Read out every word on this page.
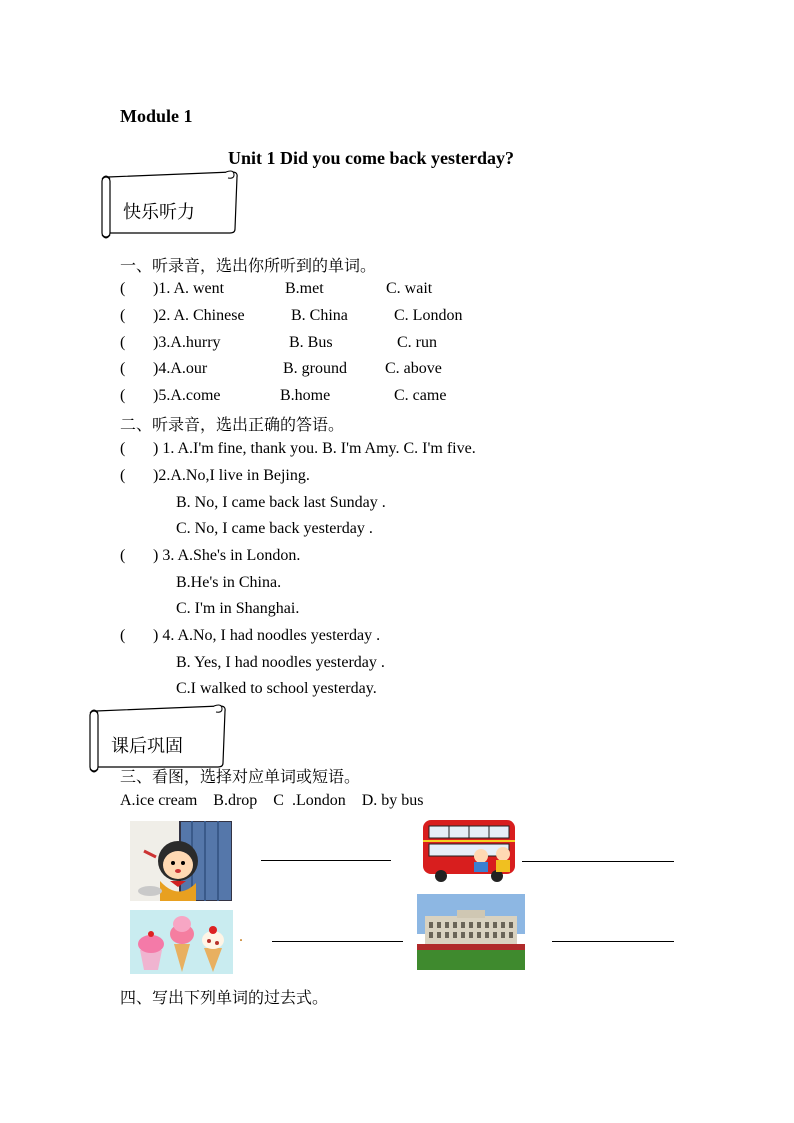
Module 1
Unit 1 Did you come back yesterday?
快乐听力
一、听录音，选出你所听到的单词。
( )1. A. went	B.met	C. wait
( )2. A. Chinese	B. China	C. London
( )3.A.hurry	B. Bus	C. run
( )4.A.our	B. ground C. above
( )5.A.come	B.home	C. came
二、听录音，选出正确的答语。
( ) 1. A.I'm fine, thank you. B. I'm Amy. C. I'm five.
( )2.A.No,I live in Bejing.
B. No, I came back last Sunday .
C. No, I came back yesterday .
( ) 3. A.She's in London.
B.He's in China.
C. I'm in Shanghai.
( ) 4. A.No, I had noodles yesterday .
B. Yes, I had noodles yesterday .
C.I walked to school yesterday.
课后巩固
三、看图，选择对应单词或短语。
A.ice cream    B.drop    C  .London    D. by bus
.
四、写出下列单词的过去式。
